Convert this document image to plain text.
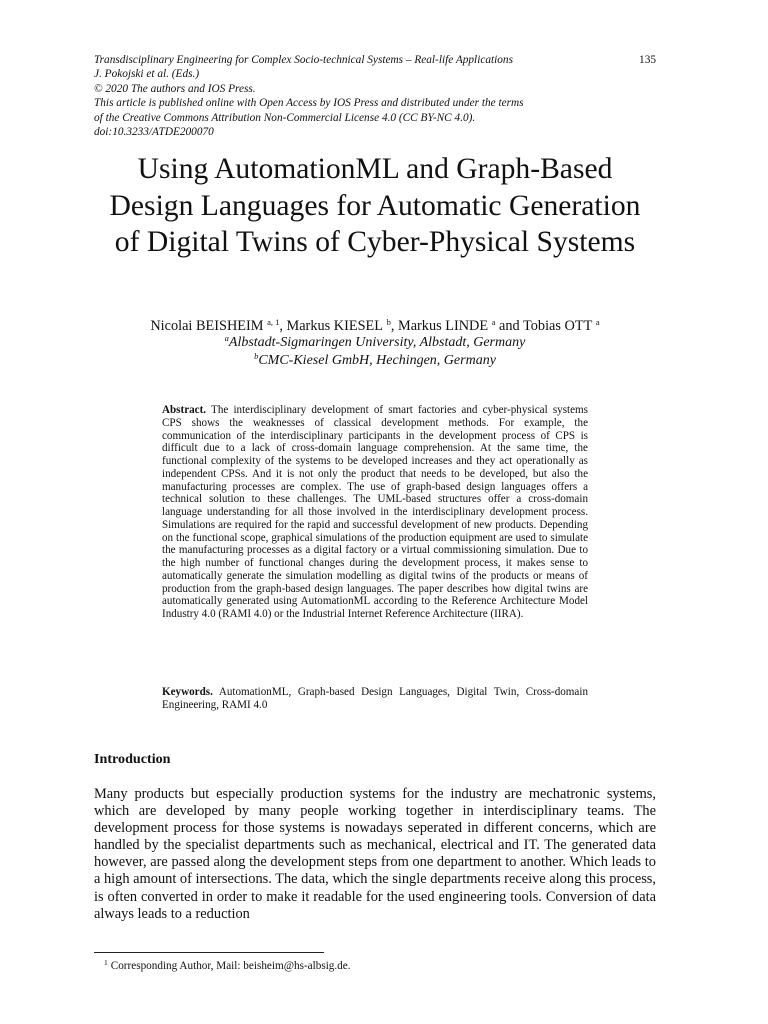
135
Transdisciplinary Engineering for Complex Socio-technical Systems – Real-life Applications
J. Pokojski et al. (Eds.)
© 2020 The authors and IOS Press.
This article is published online with Open Access by IOS Press and distributed under the terms
of the Creative Commons Attribution Non-Commercial License 4.0 (CC BY-NC 4.0).
doi:10.3233/ATDE200070
Using AutomationML and Graph-Based Design Languages for Automatic Generation of Digital Twins of Cyber-Physical Systems
Nicolai BEISHEIM $^{a, 1}$, Markus KIESEL $^b$, Markus LINDE $^a$ and Tobias OTT $^a$
$^a$Albstadt-Sigmaringen University, Albstadt, Germany
$^b$CMC-Kiesel GmbH, Hechingen, Germany
Abstract. The interdisciplinary development of smart factories and cyber-physical systems CPS shows the weaknesses of classical development methods. For example, the communication of the interdisciplinary participants in the development process of CPS is difficult due to a lack of cross-domain language comprehension. At the same time, the functional complexity of the systems to be developed increases and they act operationally as independent CPSs. And it is not only the product that needs to be developed, but also the manufacturing processes are complex. The use of graph-based design languages offers a technical solution to these challenges. The UML-based structures offer a cross-domain language understanding for all those involved in the interdisciplinary development process. Simulations are required for the rapid and successful development of new products. Depending on the functional scope, graphical simulations of the production equipment are used to simulate the manufacturing processes as a digital factory or a virtual commissioning simulation. Due to the high number of functional changes during the development process, it makes sense to automatically generate the simulation modelling as digital twins of the products or means of production from the graph-based design languages. The paper describes how digital twins are automatically generated using AutomationML according to the Reference Architecture Model Industry 4.0 (RAMI 4.0) or the Industrial Internet Reference Architecture (IIRA).
Keywords. AutomationML, Graph-based Design Languages, Digital Twin, Cross-domain Engineering, RAMI 4.0
Introduction
Many products but especially production systems for the industry are mechatronic systems, which are developed by many people working together in interdisciplinary teams. The development process for those systems is nowadays seperated in different concerns, which are handled by the specialist departments such as mechanical, electrical and IT. The generated data however, are passed along the development steps from one department to another. Which leads to a high amount of intersections. The data, which the single departments receive along this process, is often converted in order to make it readable for the used engineering tools. Conversion of data always leads to a reduction
$^1$ Corresponding Author, Mail: beisheim@hs-albsig.de.
